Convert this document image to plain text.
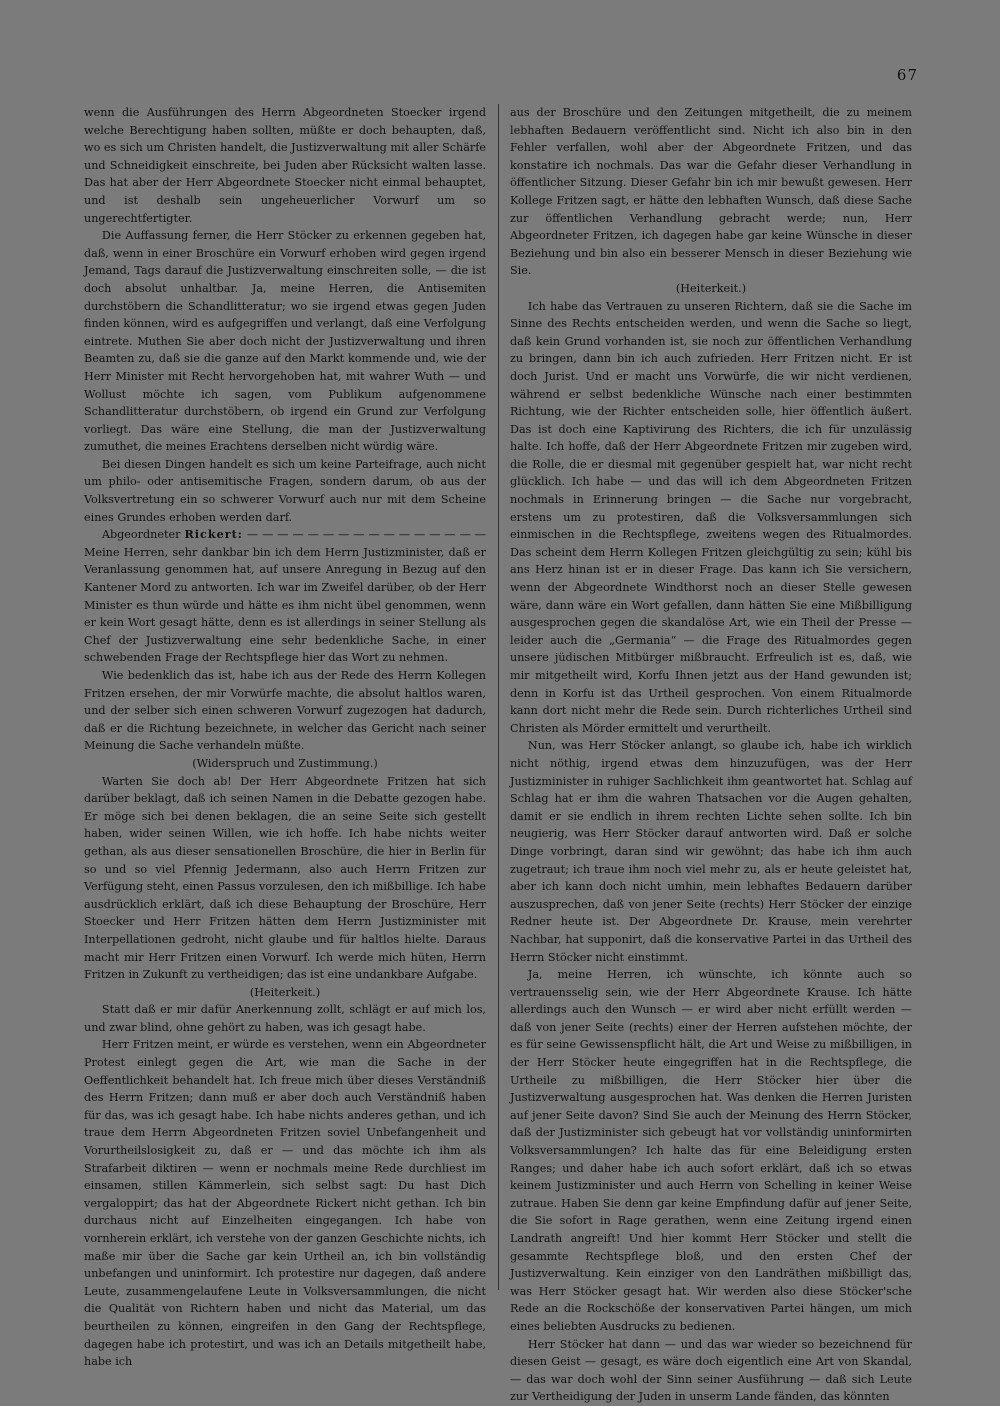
67

wenn die Ausführungen des Herrn Abgeordneten Stoecker irgend welche Berechtigung haben sollten, müßte er doch behaupten, daß, wo es sich um Christen handelt, die Justizverwaltung mit aller Schärfe und Schneidigkeit einschreite, bei Juden aber Rücksicht walten lasse. Das hat aber der Herr Abgeordnete Stoecker nicht einmal behauptet, und ist deshalb sein ungeheuerlicher Vorwurf um so ungerechtfertigter.

Die Auffassung ferner, die Herr Stöcker zu erkennen gegeben hat, daß, wenn in einer Broschüre ein Vorwurf erhoben wird gegen irgend Jemand, Tags darauf die Justizverwaltung einschreiten solle, — die ist doch absolut unhaltbar. Ja, meine Herren, die Antisemiten durchstöbern die Schandlitteratur; wo sie irgend etwas gegen Juden finden können, wird es aufgegriffen und verlangt, daß eine Verfolgung eintrete. Muthen Sie aber doch nicht der Justizverwaltung und ihren Beamten zu, daß sie die ganze auf den Markt kommende und, wie der Herr Minister mit Recht hervorgehoben hat, mit wahrer Wuth — und Wollust möchte ich sagen, vom Publikum aufgenommene Schandlitteratur durchstöbern, ob irgend ein Grund zur Verfolgung vorliegt. Das wäre eine Stellung, die man der Justizverwaltung zumuthet, die meines Erachtens derselben nicht würdig wäre.

Bei diesen Dingen handelt es sich um keine Parteifrage, auch nicht um philo- oder antisemitische Fragen, sondern darum, ob aus der Volksvertretung ein so schwerer Vorwurf auch nur mit dem Scheine eines Grundes erhoben werden darf.

Abgeordneter Rickert: — — — — — — — — — — — — — — — — Meine Herren, sehr dankbar bin ich dem Herrn Justizminister, daß er Veranlassung genommen hat, auf unsere Anregung in Bezug auf den Kantener Mord zu antworten. Ich war im Zweifel darüber, ob der Herr Minister es thun würde und hätte es ihm nicht übel genommen, wenn er kein Wort gesagt hätte, denn es ist allerdings in seiner Stellung als Chef der Justizverwaltung eine sehr bedenkliche Sache, in einer schwebenden Frage der Rechtspflege hier das Wort zu nehmen.

Wie bedenklich das ist, habe ich aus der Rede des Herrn Kollegen Fritzen ersehen, der mir Vorwürfe machte, die absolut haltlos waren, und der selber sich einen schweren Vorwurf zugezogen hat dadurch, daß er die Richtung bezeichnete, in welcher das Gericht nach seiner Meinung die Sache verhandeln müßte.

(Widerspruch und Zustimmung.)

Warten Sie doch ab! Der Herr Abgeordnete Fritzen hat sich darüber beklagt, daß ich seinen Namen in die Debatte gezogen habe. Er möge sich bei denen beklagen, die an seine Seite sich gestellt haben, wider seinen Willen, wie ich hoffe. Ich habe nichts weiter gethan, als aus dieser sensationellen Broschüre, die hier in Berlin für so und so viel Pfennig Jedermann, also auch Herrn Fritzen zur Verfügung steht, einen Passus vorzulesen, den ich mißbillige. Ich habe ausdrücklich erklärt, daß ich diese Behauptung der Broschüre, Herr Stoecker und Herr Fritzen hätten dem Herrn Justizminister mit Interpellationen gedroht, nicht glaube und für haltlos hielte. Daraus macht mir Herr Fritzen einen Vorwurf. Ich werde mich hüten, Herrn Fritzen in Zukunft zu vertheidigen; das ist eine undankbare Aufgabe.

(Heiterkeit.)

Statt daß er mir dafür Anerkennung zollt, schlägt er auf mich los, und zwar blind, ohne gehört zu haben, was ich gesagt habe.

Herr Fritzen meint, er würde es verstehen, wenn ein Abgeordneter Protest einlegt gegen die Art, wie man die Sache in der Oeffentlichkeit behandelt hat. Ich freue mich über dieses Verständniß des Herrn Fritzen; dann muß er aber doch auch Verständniß haben für das, was ich gesagt habe. Ich habe nichts anderes gethan, und ich traue dem Herrn Abgeordneten Fritzen soviel Unbefangenheit und Vorurtheilslosigkeit zu, daß er — und das möchte ich ihm als Strafarbeit diktiren — wenn er nochmals meine Rede durchliest im einsamen, stillen Kämmerlein, sich selbst sagt: Du hast Dich vergaloppirt; das hat der Abgeordnete Rickert nicht gethan. Ich bin durchaus nicht auf Einzelheiten eingegangen. Ich habe von vornherein erklärt, ich verstehe von der ganzen Geschichte nichts, ich maße mir über die Sache gar kein Urtheil an, ich bin vollständig unbefangen und uninformirt. Ich protestire nur dagegen, daß andere Leute, zusammengelaufene Leute in Volksversammlungen, die nicht die Qualität von Richtern haben und nicht das Material, um das beurtheilen zu können, eingreifen in den Gang der Rechtspflege, dagegen habe ich protestirt, und was ich an Details mitgetheilt habe, habe ich

aus der Broschüre und den Zeitungen mitgetheilt, die zu meinem lebhaften Bedauern veröffentlicht sind. Nicht ich also bin in den Fehler verfallen, wohl aber der Abgeordnete Fritzen, und das konstatire ich nochmals. Das war die Gefahr dieser Verhandlung in öffentlicher Sitzung. Dieser Gefahr bin ich mir bewußt gewesen. Herr Kollege Fritzen sagt, er hätte den lebhaften Wunsch, daß diese Sache zur öffentlichen Verhandlung gebracht werde; nun, Herr Abgeordneter Fritzen, ich dagegen habe gar keine Wünsche in dieser Beziehung und bin also ein besserer Mensch in dieser Beziehung wie Sie.

(Heiterkeit.)

Ich habe das Vertrauen zu unseren Richtern, daß sie die Sache im Sinne des Rechts entscheiden werden, und wenn die Sache so liegt, daß kein Grund vorhanden ist, sie noch zur öffentlichen Verhandlung zu bringen, dann bin ich auch zufrieden. Herr Fritzen nicht. Er ist doch Jurist. Und er macht uns Vorwürfe, die wir nicht verdienen, während er selbst bedenkliche Wünsche nach einer bestimmten Richtung, wie der Richter entscheiden solle, hier öffentlich äußert. Das ist doch eine Kaptivirung des Richters, die ich für unzulässig halte. Ich hoffe, daß der Herr Abgeordnete Fritzen mir zugeben wird, die Rolle, die er diesmal mit gegenüber gespielt hat, war nicht recht glücklich. Ich habe — und das will ich dem Abgeordneten Fritzen nochmals in Erinnerung bringen — die Sache nur vorgebracht, erstens um zu protestiren, daß die Volksversammlungen sich einmischen in die Rechtspflege, zweitens wegen des Ritualmordes. Das scheint dem Herrn Kollegen Fritzen gleichgültig zu sein; kühl bis ans Herz hinan ist er in dieser Frage. Das kann ich Sie versichern, wenn der Abgeordnete Windthorst noch an dieser Stelle gewesen wäre, dann wäre ein Wort gefallen, dann hätten Sie eine Mißbilligung ausgesprochen gegen die skandalöse Art, wie ein Theil der Presse — leider auch die „Germania“ — die Frage des Ritualmordes gegen unsere jüdischen Mitbürger mißbraucht. Erfreulich ist es, daß, wie mir mitgetheilt wird, Korfu Ihnen jetzt aus der Hand gewunden ist; denn in Korfu ist das Urtheil gesprochen. Von einem Ritualmorde kann dort nicht mehr die Rede sein. Durch richterliches Urtheil sind Christen als Mörder ermittelt und verurtheilt.

Nun, was Herr Stöcker anlangt, so glaube ich, habe ich wirklich nicht nöthig, irgend etwas dem hinzuzufügen, was der Herr Justizminister in ruhiger Sachlichkeit ihm geantwortet hat. Schlag auf Schlag hat er ihm die wahren Thatsachen vor die Augen gehalten, damit er sie endlich in ihrem rechten Lichte sehen sollte. Ich bin neugierig, was Herr Stöcker darauf antworten wird. Daß er solche Dinge vorbringt, daran sind wir gewöhnt; das habe ich ihm auch zugetraut; ich traue ihm noch viel mehr zu, als er heute geleistet hat, aber ich kann doch nicht umhin, mein lebhaftes Bedauern darüber auszusprechen, daß von jener Seite (rechts) Herr Stöcker der einzige Redner heute ist. Der Abgeordnete Dr. Krause, mein verehrter Nachbar, hat supponirt, daß die konservative Partei in das Urtheil des Herrn Stöcker nicht einstimmt.

Ja, meine Herren, ich wünschte, ich könnte auch so vertrauensselig sein, wie der Herr Abgeordnete Krause. Ich hätte allerdings auch den Wunsch — er wird aber nicht erfüllt werden — daß von jener Seite (rechts) einer der Herren aufstehen möchte, der es für seine Gewissenspflicht hält, die Art und Weise zu mißbilligen, in der Herr Stöcker heute eingegriffen hat in die Rechtspflege, die Urtheile zu mißbilligen, die Herr Stöcker hier über die Justizverwaltung ausgesprochen hat. Was denken die Herren Juristen auf jener Seite davon? Sind Sie auch der Meinung des Herrn Stöcker, daß der Justizminister sich gebeugt hat vor vollständig uninformirten Volksversammlungen? Ich halte das für eine Beleidigung ersten Ranges; und daher habe ich auch sofort erklärt, daß ich so etwas keinem Justizminister und auch Herrn von Schelling in keiner Weise zutraue. Haben Sie denn gar keine Empfindung dafür auf jener Seite, die Sie sofort in Rage gerathen, wenn eine Zeitung irgend einen Landrath angreift! Und hier kommt Herr Stöcker und stellt die gesammte Rechtspflege bloß, und den ersten Chef der Justizverwaltung. Kein einziger von den Landräthen mißbilligt das, was Herr Stöcker gesagt hat. Wir werden also diese Stöcker'sche Rede an die Rockschöße der konservativen Partei hängen, um mich eines beliebten Ausdrucks zu bedienen.

Herr Stöcker hat dann — und das war wieder so bezeichnend für diesen Geist — gesagt, es wäre doch eigentlich eine Art von Skandal, — das war doch wohl der Sinn seiner Ausführung — daß sich Leute zur Vertheidigung der Juden in unserm Lande fänden, das könnten
